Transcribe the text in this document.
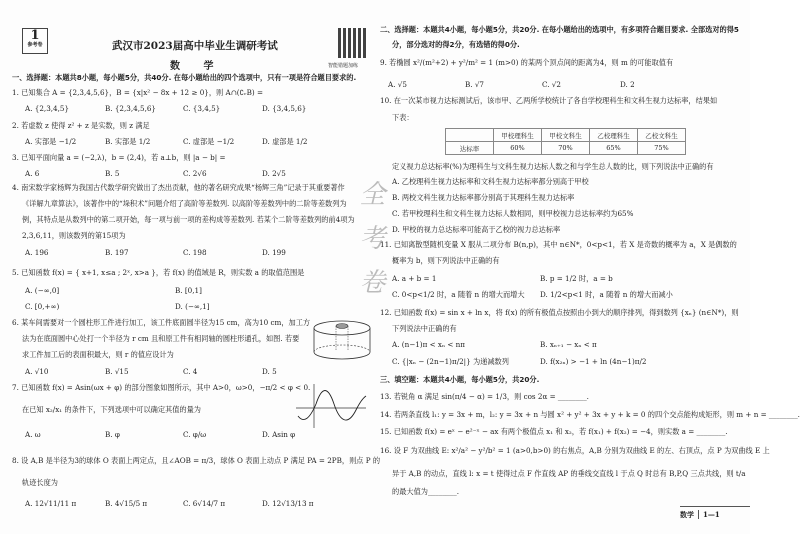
1
参考卷	武汉市2023届高中毕业生调研考试
数 学	智能错题加练
全考卷
一、选择题：本题共8小题，每小题5分，共40分. 在每小题给出的四个选项中，只有一项是符合题目要求的.
1. 已知集合 A = {2,3,4,5,6}，B = {x|x² − 8x + 12 ≥ 0}，则 A∩(∁ᵣB) =
A. {2,3,4,5}	B. {2,3,4,5,6}	C. {3,4,5}	D. {3,4,5,6}
2. 若虚数 z 使得 z² + z 是实数，则 z 满足
A. 实部是 −1/2	B. 实部是 1/2	C. 虚部是 −1/2	D. 虚部是 1/2
3. 已知平面向量 a = (−2,λ)，b = (2,4)，若 a⊥b，则 |a − b| =
A. 6	B. 5	C. 2√6	D. 2√5
4. 南宋数学家杨辉为我国古代数学研究做出了杰出贡献，他的著名研究成果“杨辉三角”记录于其重要著作
《详解九章算法》，该著作中的“垛积术”问题介绍了高阶等差数列. 以高阶等差数列中的二阶等差数列为
例，其特点是从数列中的第二项开始，每一项与前一项的差构成等差数列. 若某个二阶等差数列的前4项为
2,3,6,11，则该数列的第15项为
A. 196	B. 197	C. 198	D. 199
5. 已知函数 f(x) = { x+1, x≤a ; 2ˣ, x>a }，若 f(x) 的值域是 R，则实数 a 的取值范围是
A. (−∞,0]	B. [0,1]
C. [0,+∞)	D. (−∞,1]
6. 某车间需要对一个圆柱形工件进行加工，该工件底面圆半径为15 cm，高为10 cm，加工方
法为在底面圆中心处打一个半径为 r cm 且和原工件有相同轴的圆柱形通孔，如图. 若要
求工件加工后的表面积最大，则 r 的值应设计为
A. √10	B. √15	C. 4	D. 5
7. 已知函数 f(x) = Asin(ωx + φ) 的部分图象如图所示，其中 A>0，ω>0，−π/2 < φ < 0.
在已知 x₂/x₁ 的条件下，下列选项中可以确定其值的量为
A. ω	B. φ	C. φ/ω	D. Asin φ
8. 设 A,B 是半径为3的球体 O 表面上两定点，且∠AOB = π/3，球体 O 表面上动点 P 满足 PA = 2PB，则点 P 的
轨迹长度为
A. 12√11/11 π	B. 4√15/5 π	C. 6√14/7 π	D. 12√13/13 π
二、选择题：本题共4小题，每小题5分，共20分. 在每小题给出的选项中，有多项符合题目要求. 全部选对的得5
分，部分选对的得2分，有选错的得0分.
9. 若椭圆 x²/(m²+2) + y²/m² = 1 (m>0) 的某两个顶点间的距离为4，则 m 的可能取值有
A. √5	B. √7	C. √2	D. 2
10. 在一次某市视力达标测试后，该市甲、乙两所学校统计了各自学校理科生和文科生视力达标率，结果如
下表：
	甲校理科生	甲校文科生	乙校理科生	乙校文科生
达标率	60%	70%	65%	75%
定义视力总达标率(%)为理科生与文科生视力达标人数之和与学生总人数的比，则下列说法中正确的有
A. 乙校理科生视力达标率和文科生视力达标率都分别高于甲校
B. 两校文科生视力达标率都分别高于其理科生视力达标率
C. 若甲校理科生和文科生视力达标人数相同，则甲校视力总达标率约为65%
D. 甲校的视力总达标率可能高于乙校的视力总达标率
11. 已知离散型随机变量 X 服从二项分布 B(n,p)，其中 n∈N*，0<p<1，若 X 是奇数的概率为 a，X 是偶数的
概率为 b，则下列说法中正确的有
A. a + b = 1	B. p = 1/2 时，a = b
C. 0<p<1/2 时，a 随着 n 的增大而增大 D. 1/2<p<1 时，a 随着 n 的增大而减小
12. 已知函数 f(x) = sin x + ln x，将 f(x) 的所有极值点按照由小到大的顺序排列，得到数列 {xₙ} (n∈N*)，则
下列说法中正确的有
A. (n−1)π < xₙ < nπ	B. xₙ₊₁ − xₙ < π
C. {|xₙ − (2n−1)π/2|} 为递减数列	D. f(x₂ₙ) > −1 + ln (4n−1)π/2
三、填空题：本题共4小题，每小题5分，共20分.
13. 若锐角 α 满足 sin(π/4 − α) = 1/3，则 cos 2α = ________.
14. 若两条直线 l₁: y = 3x + m，l₂: y = 3x + n 与圆 x² + y² + 3x + y + k = 0 的四个交点能构成矩形，则 m + n = ________.
15. 已知函数 f(x) = eˣ − e²⁻ˣ − ax 有两个极值点 x₁ 和 x₂，若 f(x₁) + f(x₂) = −4，则实数 a = ________.
16. 设 F 为双曲线 E: x²/a² − y²/b² = 1 (a>0,b>0) 的右焦点，A,B 分别为双曲线 E 的左、右顶点，点 P 为双曲线 E 上
异于 A,B 的动点，直线 l: x = t 使得过点 F 作直线 AP 的垂线交直线 l 于点 Q 时总有 B,P,Q 三点共线，则 t/a
的最大值为________.
数学 1—1
